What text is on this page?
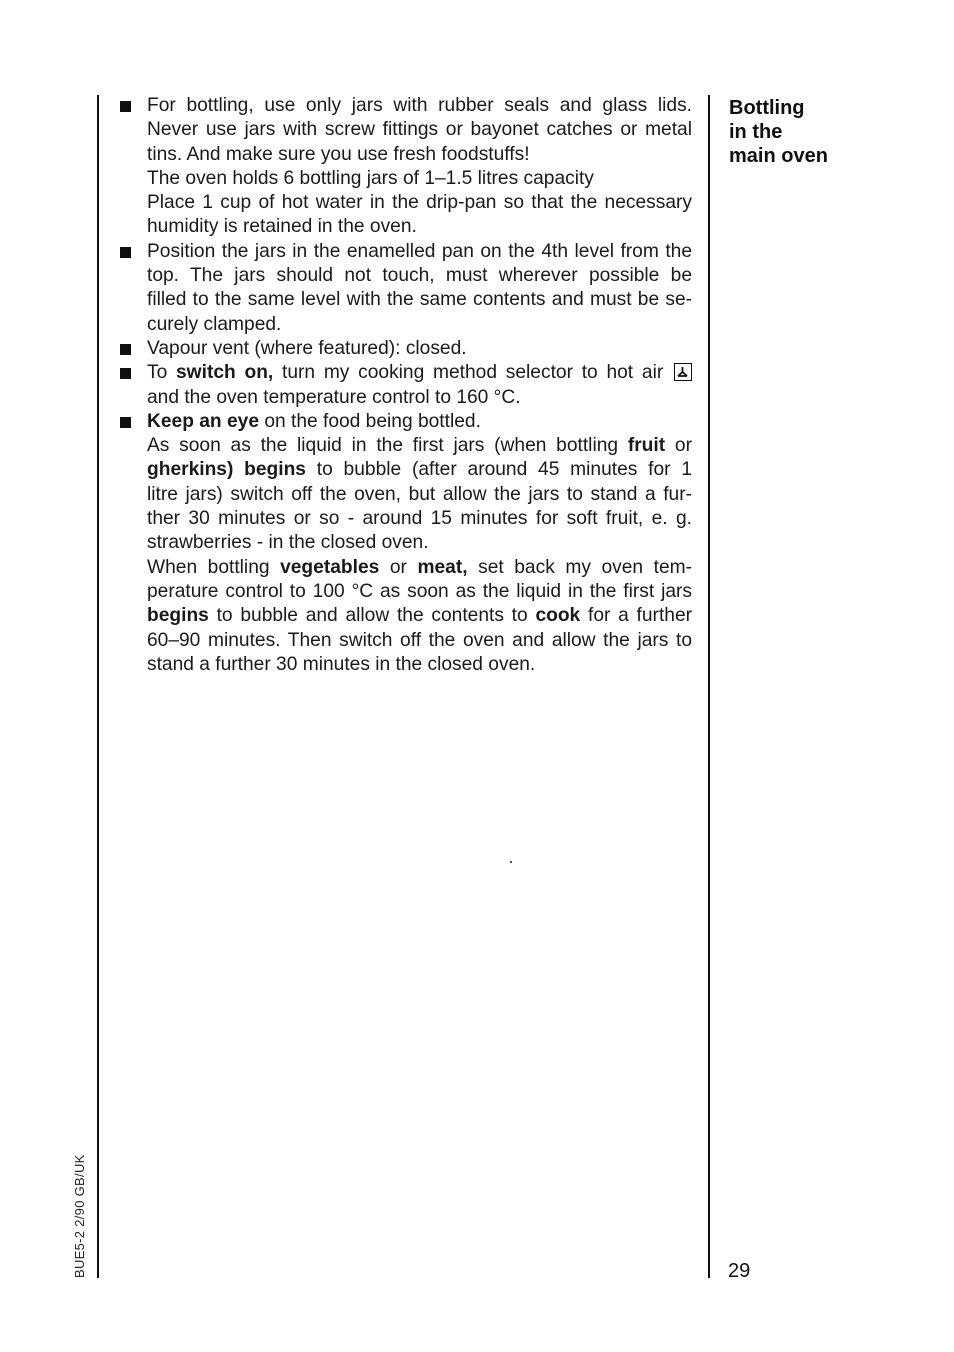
For bottling, use only jars with rubber seals and glass lids.
Never use jars with screw fittings or bayonet catches or metal
tins. And make sure you use fresh foodstuffs!
The oven holds 6 bottling jars of 1–1.5 litres capacity
Place 1 cup of hot water in the drip-pan so that the necessary
humidity is retained in the oven.
Position the jars in the enamelled pan on the 4th level from the
top. The jars should not touch, must wherever possible be
filled to the same level with the same contents and must be se-
curely clamped.
Vapour vent (where featured): closed.
To switch on, turn my cooking method selector to hot air
and the oven temperature control to 160 °C.
Keep an eye on the food being bottled.
As soon as the liquid in the first jars (when bottling fruit or
gherkins) begins to bubble (after around 45 minutes for 1
litre jars) switch off the oven, but allow the jars to stand a fur-
ther 30 minutes or so - around 15 minutes for soft fruit, e. g.
strawberries - in the closed oven.
When bottling vegetables or meat, set back my oven tem-
perature control to 100 °C as soon as the liquid in the first jars
begins to bubble and allow the contents to cook for a further
60–90 minutes. Then switch off the oven and allow the jars to
stand a further 30 minutes in the closed oven.
Bottling
in the
main oven
29
BUE5-2 2/90 GB/UK
